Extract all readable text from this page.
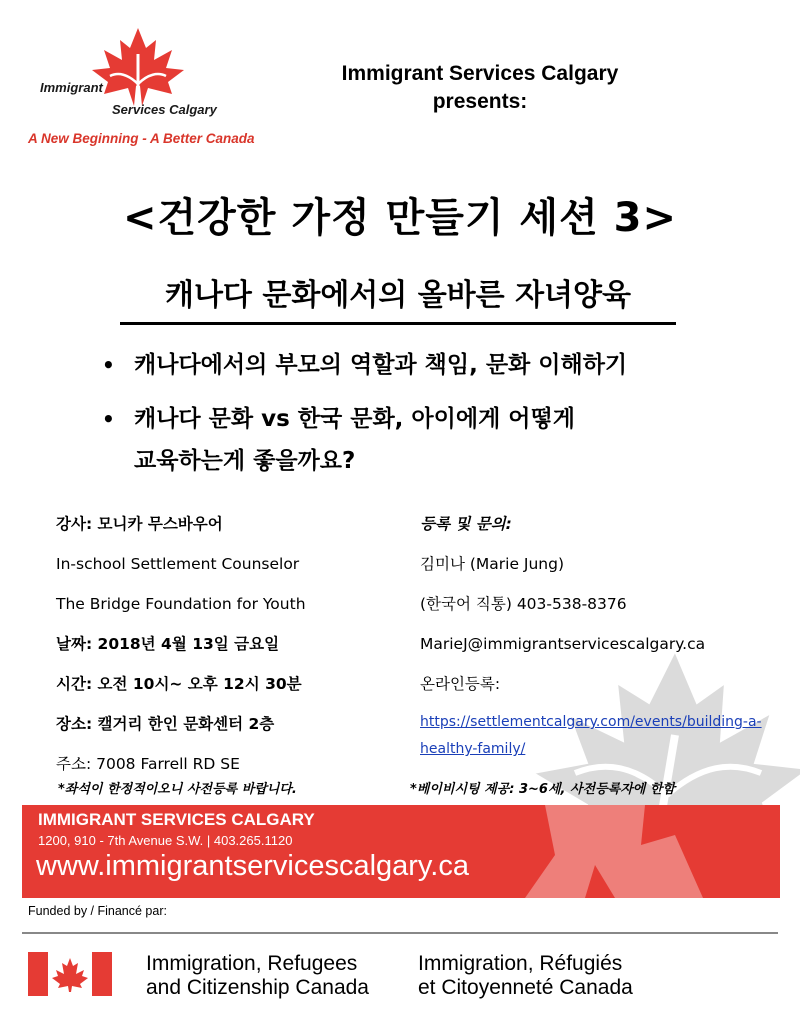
Immigrant
Services Calgary
A New Beginning - A Better Canada
Immigrant Services Calgary
presents:
<건강한 가정 만들기 세션 3>
캐나다 문화에서의 올바른 자녀양육
• 캐나다에서의 부모의 역할과 책임, 문화 이해하기
• 캐나다 문화 vs 한국 문화, 아이에게 어떻게
교육하는게 좋을까요?
강사: 모니카 무스바우어
In-school Settlement Counselor
The Bridge Foundation for Youth
날짜: 2018년 4월 13일 금요일
시간: 오전 10시~ 오후 12시 30분
장소: 캘거리 한인 문화센터 2층
주소: 7008 Farrell RD SE
등록 및 문의:
김미나 (Marie Jung)
(한국어 직통) 403-538-8376
MarieJ@immigrantservicescalgary.ca
온라인등록:
https://settlementcalgary.com/events/building-a-healthy-family/
*좌석이 한정적이오니 사전등록 바랍니다.	*베이비시팅 제공: 3~6세, 사전등록자에 한함
IMMIGRANT SERVICES CALGARY
1200, 910 - 7th Avenue S.W. | 403.265.1120
www.immigrantservicescalgary.ca
Funded by / Financé par:
Immigration, Refugees
and Citizenship Canada
Immigration, Réfugiés
et Citoyenneté Canada
